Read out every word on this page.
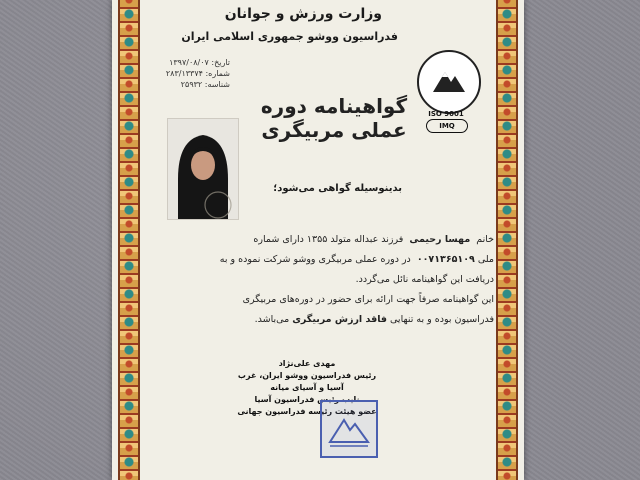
وزارت ورزش و جوانان
فدراسیون ووشو جمهوری اسلامی ایران
تاریخ: ۱۳۹۷/۰۸/۰۷
شماره: ۲۸۳/۱۳۳۷۴
شناسه: ۲۵۹۳۲
ISO 9001
IMQ
گواهینامه دوره عملی مربیگری
بدینوسیله گواهی می‌شود؛
خانم  مهسا رحیمی  فرزند عبداله متولد ۱۳۵۵ دارای شماره
ملی ۰۰۷۱۳۶۵۱۰۹  در دوره عملی مربیگری ووشو شرکت نموده و به
دریافت این گواهینامه نائل می‌گردد.
این گواهینامه صرفاً جهت ارائه برای حضور در دوره‌های مربیگری
فدراسیون بوده و به تنهایی فاقد ارزش مربیگری می‌باشد.
مهدی علی‌نژاد
رئیس فدراسیون ووشو ایران، غرب آسیا و آسیای میانه
نایب رئیس فدراسیون آسیا
عضو هیئت رئیسه فدراسیون جهانی
